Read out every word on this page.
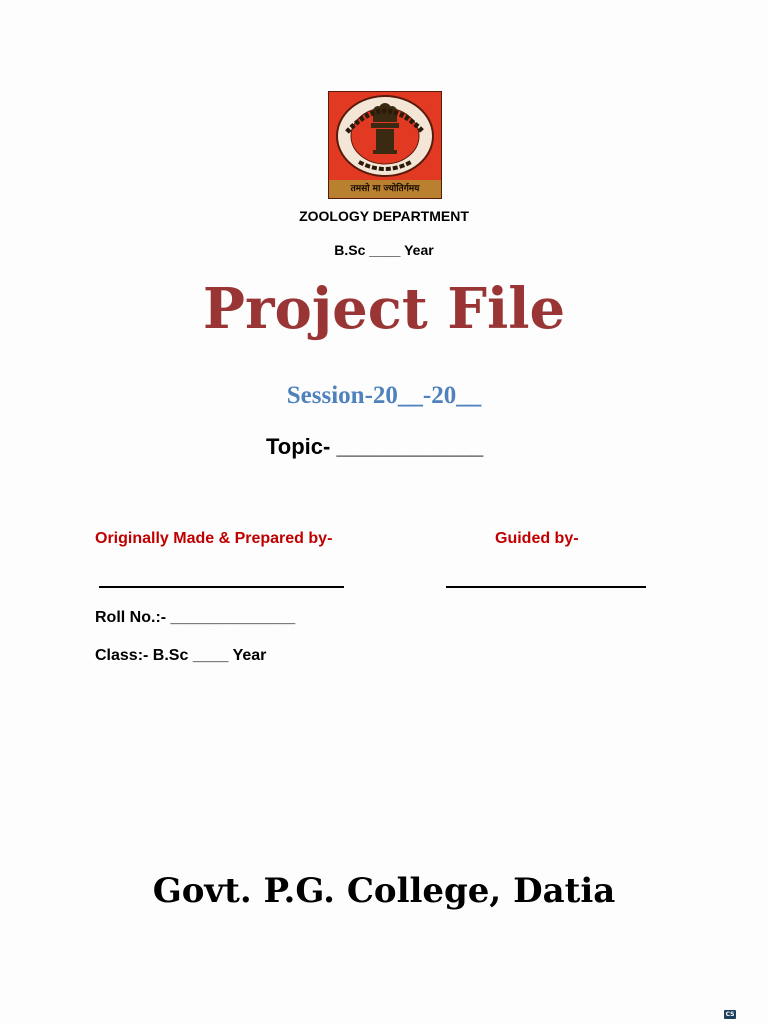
तमसो मा ज्योतिर्गमय
ZOOLOGY DEPARTMENT
B.Sc ____ Year
Project File
Session-20__-20__
Topic- ____________
Originally Made & Prepared by-	Guided by-
Roll No.:- ______________
Class:- B.Sc ____ Year
Govt. P.G. College, Datia
CS
